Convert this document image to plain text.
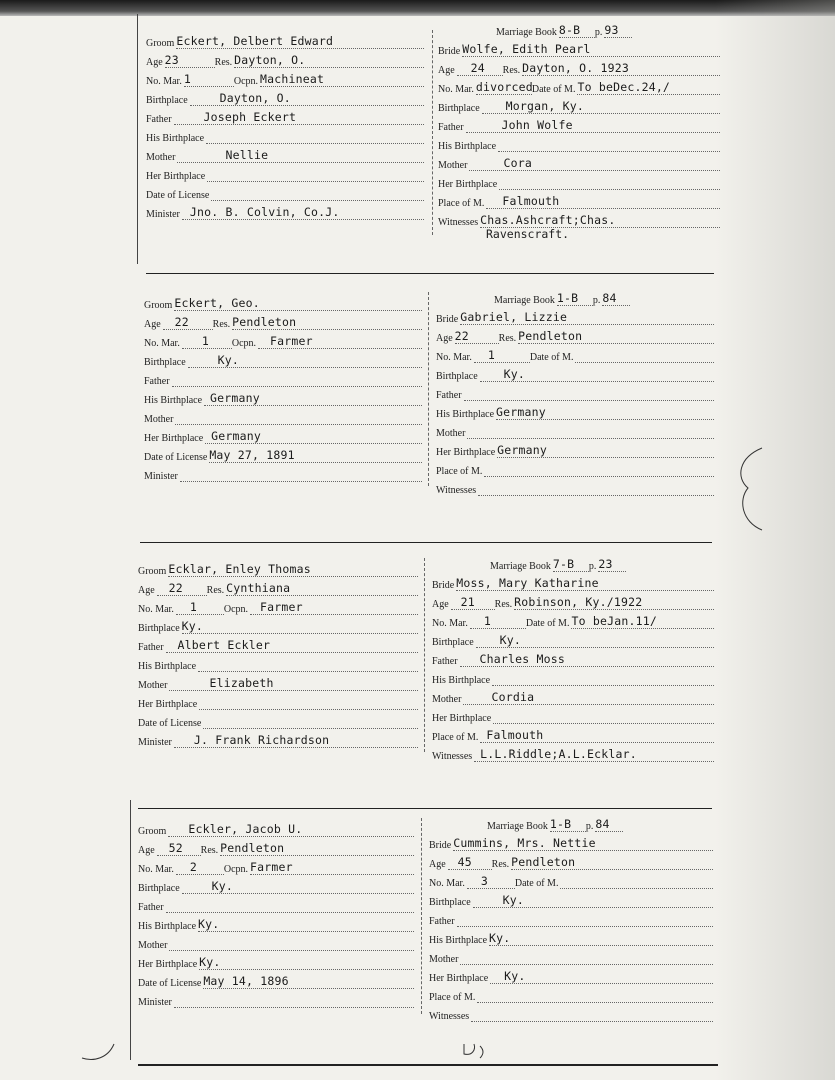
Groom Eckert, Delbert Edward
Age 23	Res. Dayton, O.
No. Mar. 1	Ocpn. Machineat
Birthplace	Dayton, O.
Father	Joseph Eckert
His Birthplace
Mother	Nellie
Her Birthplace
Date of License
Minister Jno. B. Colvin, Co.J.
Marriage Book 8-B p. 93
Bride Wolfe, Edith Pearl
Age 24 Res. Dayton, O. 1923
No. Mar. divorced Date of M. To beDec.24,/
Birthplace Morgan, Ky.
Father	John Wolfe
His Birthplace
Mother	Cora
Her Birthplace
Place of M. Falmouth
Witnesses Chas.Ashcraft;Chas.
Ravenscraft.
Groom Eckert, Geo.
Age 22 Res. Pendleton
No. Mar. 1 Ocpn. Farmer
Birthplace	Ky.
Father
His Birthplace Germany
Mother
Her Birthplace Germany
Date of License May 27, 1891
Minister
Marriage Book 1-B p. 84
Bride Gabriel, Lizzie
Age 22	Res. Pendleton
No. Mar. 1	Date of M.
Birthplace Ky.
Father
His Birthplace Germany
Mother
Her Birthplace Germany
Place of M.
Witnesses
Groom Ecklar, Enley Thomas
Age 22 Res. Cynthiana
No. Mar. 1	Ocpn. Farmer
Birthplace Ky.
Father Albert Eckler
His Birthplace
Mother	Elizabeth
Her Birthplace
Date of License
Minister J. Frank Richardson
Marriage Book 7-B p. 23
Bride Moss, Mary Katharine
Age 21 Res. Robinson, Ky./1922
No. Mar. 1	Date of M. To beJan.11/
Birthplace Ky.
Father Charles Moss
His Birthplace
Mother	Cordia
Her Birthplace
Place of M. Falmouth
Witnesses L.L.Riddle;A.L.Ecklar.
Groom Eckler, Jacob U.
Age 52 Res. Pendleton
No. Mar. 2	Ocpn. Farmer
Birthplace	Ky.
Father
His Birthplace Ky.
Mother
Her Birthplace Ky.
Date of License May 14, 1896
Minister
Marriage Book 1-B p. 84
Bride Cummins, Mrs. Nettie
Age 45 Res. Pendleton
No. Mar. 3	Date of M.
Birthplace	Ky.
Father
His Birthplace Ky.
Mother
Her Birthplace Ky.
Place of M.
Witnesses
